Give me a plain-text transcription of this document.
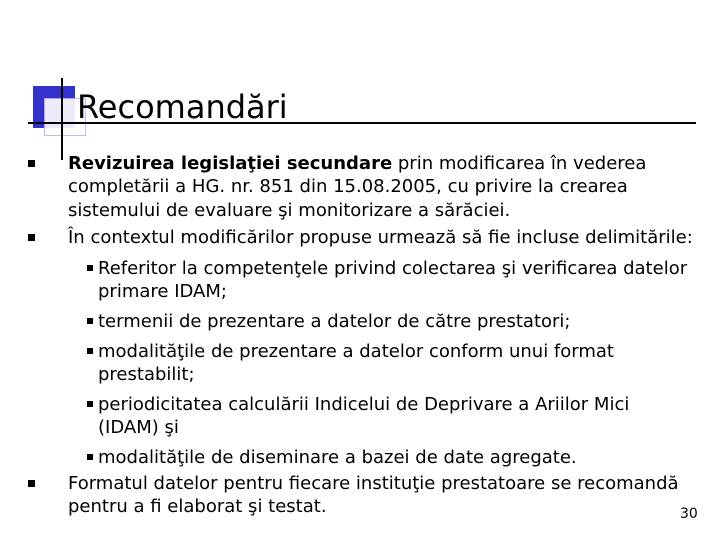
Recomandări
Revizuirea legislaţiei secundare prin modificarea în vederea completării a HG. nr. 851 din 15.08.2005, cu privire la crearea sistemului de evaluare şi monitorizare a sărăciei.
În contextul modificărilor propuse urmează să fie incluse delimitările:
Referitor la competenţele privind colectarea şi verificarea datelor primare IDAM;
termenii de prezentare a datelor de către prestatori;
modalităţile de prezentare a datelor conform unui format prestabilit;
periodicitatea calculării Indicelui de Deprivare a Ariilor Mici (IDAM) şi
modalităţile de diseminare a bazei de date agregate.
Formatul datelor pentru fiecare instituţie prestatoare se recomandă pentru a fi elaborat şi testat.	30
